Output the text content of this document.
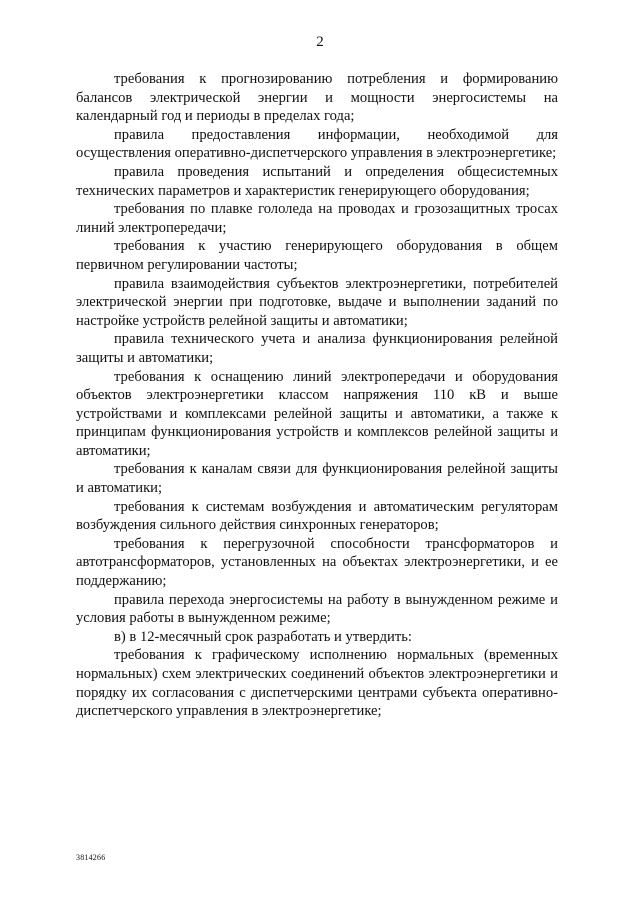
2

требования к прогнозированию потребления и формированию балансов электрической энергии и мощности энергосистемы на календарный год и периоды в пределах года;

правила предоставления информации, необходимой для осуществления оперативно-диспетчерского управления в электроэнергетике;

правила проведения испытаний и определения общесистемных технических параметров и характеристик генерирующего оборудования;

требования по плавке гололеда на проводах и грозозащитных тросах линий электропередачи;

требования к участию генерирующего оборудования в общем первичном регулировании частоты;

правила взаимодействия субъектов электроэнергетики, потребителей электрической энергии при подготовке, выдаче и выполнении заданий по настройке устройств релейной защиты и автоматики;

правила технического учета и анализа функционирования релейной защиты и автоматики;

требования к оснащению линий электропередачи и оборудования объектов электроэнергетики классом напряжения 110 кВ и выше устройствами и комплексами релейной защиты и автоматики, а также к принципам функционирования устройств и комплексов релейной защиты и автоматики;

требования к каналам связи для функционирования релейной защиты и автоматики;

требования к системам возбуждения и автоматическим регуляторам возбуждения сильного действия синхронных генераторов;

требования к перегрузочной способности трансформаторов и автотрансформаторов, установленных на объектах электроэнергетики, и ее поддержанию;

правила перехода энергосистемы на работу в вынужденном режиме и условия работы в вынужденном режиме;

в) в 12-месячный срок разработать и утвердить:

требования к графическому исполнению нормальных (временных нормальных) схем электрических соединений объектов электроэнергетики и порядку их согласования с диспетчерскими центрами субъекта оперативно-диспетчерского управления в электроэнергетике;

3814266
